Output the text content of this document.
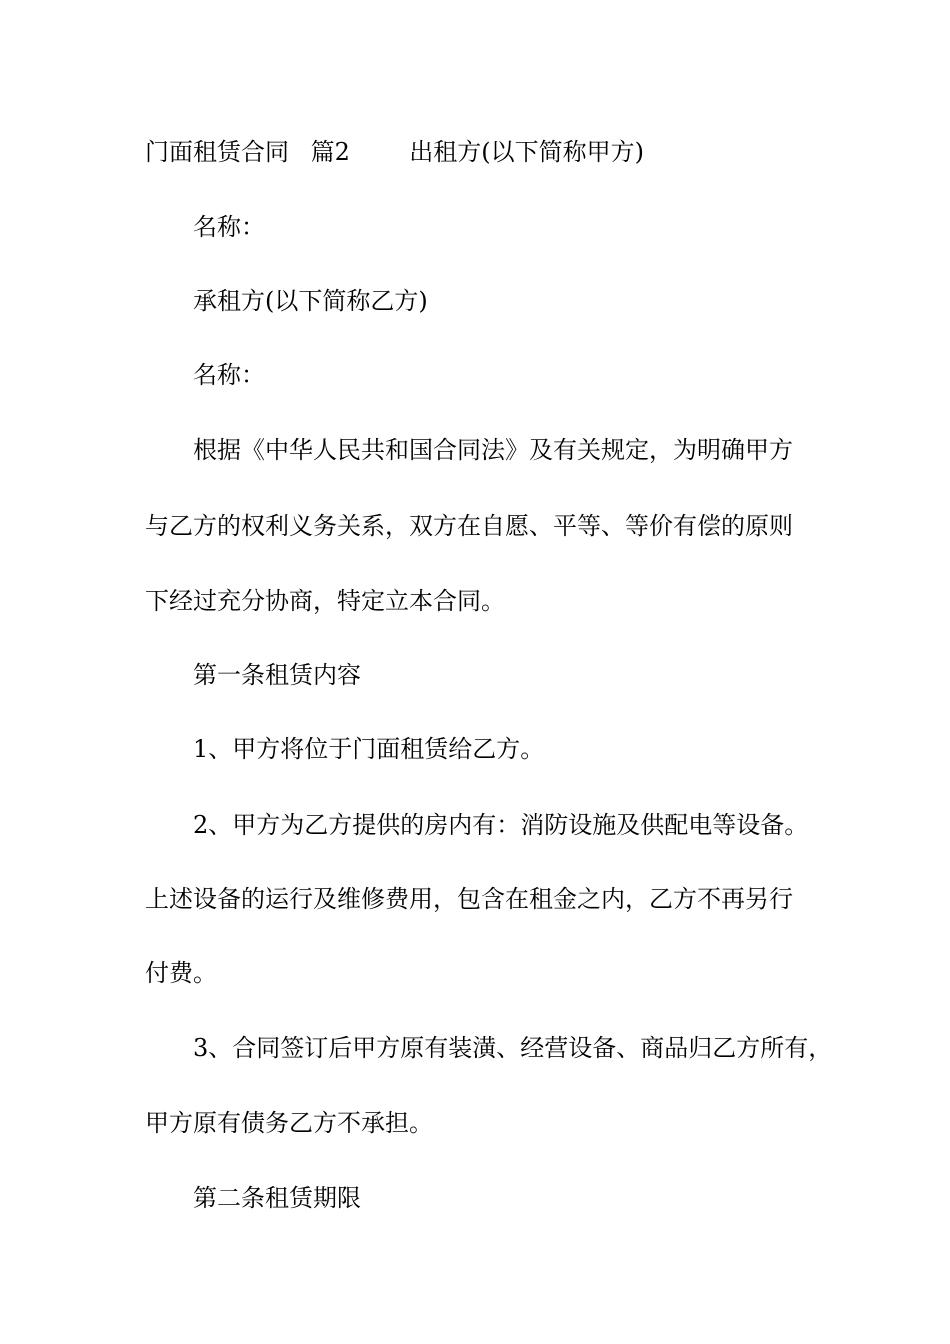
门面租赁合同 篇2 出租方(以下简称甲方)
名称：
承租方(以下简称乙方)
名称：
根据《中华人民共和国合同法》及有关规定，为明确甲方
与乙方的权利义务关系，双方在自愿、平等、等价有偿的原则
下经过充分协商，特定立本合同。
第一条租赁内容
1、甲方将位于门面租赁给乙方。
2、甲方为乙方提供的房内有：消防设施及供配电等设备。
上述设备的运行及维修费用，包含在租金之内，乙方不再另行
付费。
3、合同签订后甲方原有装潢、经营设备、商品归乙方所有，
甲方原有债务乙方不承担。
第二条租赁期限
